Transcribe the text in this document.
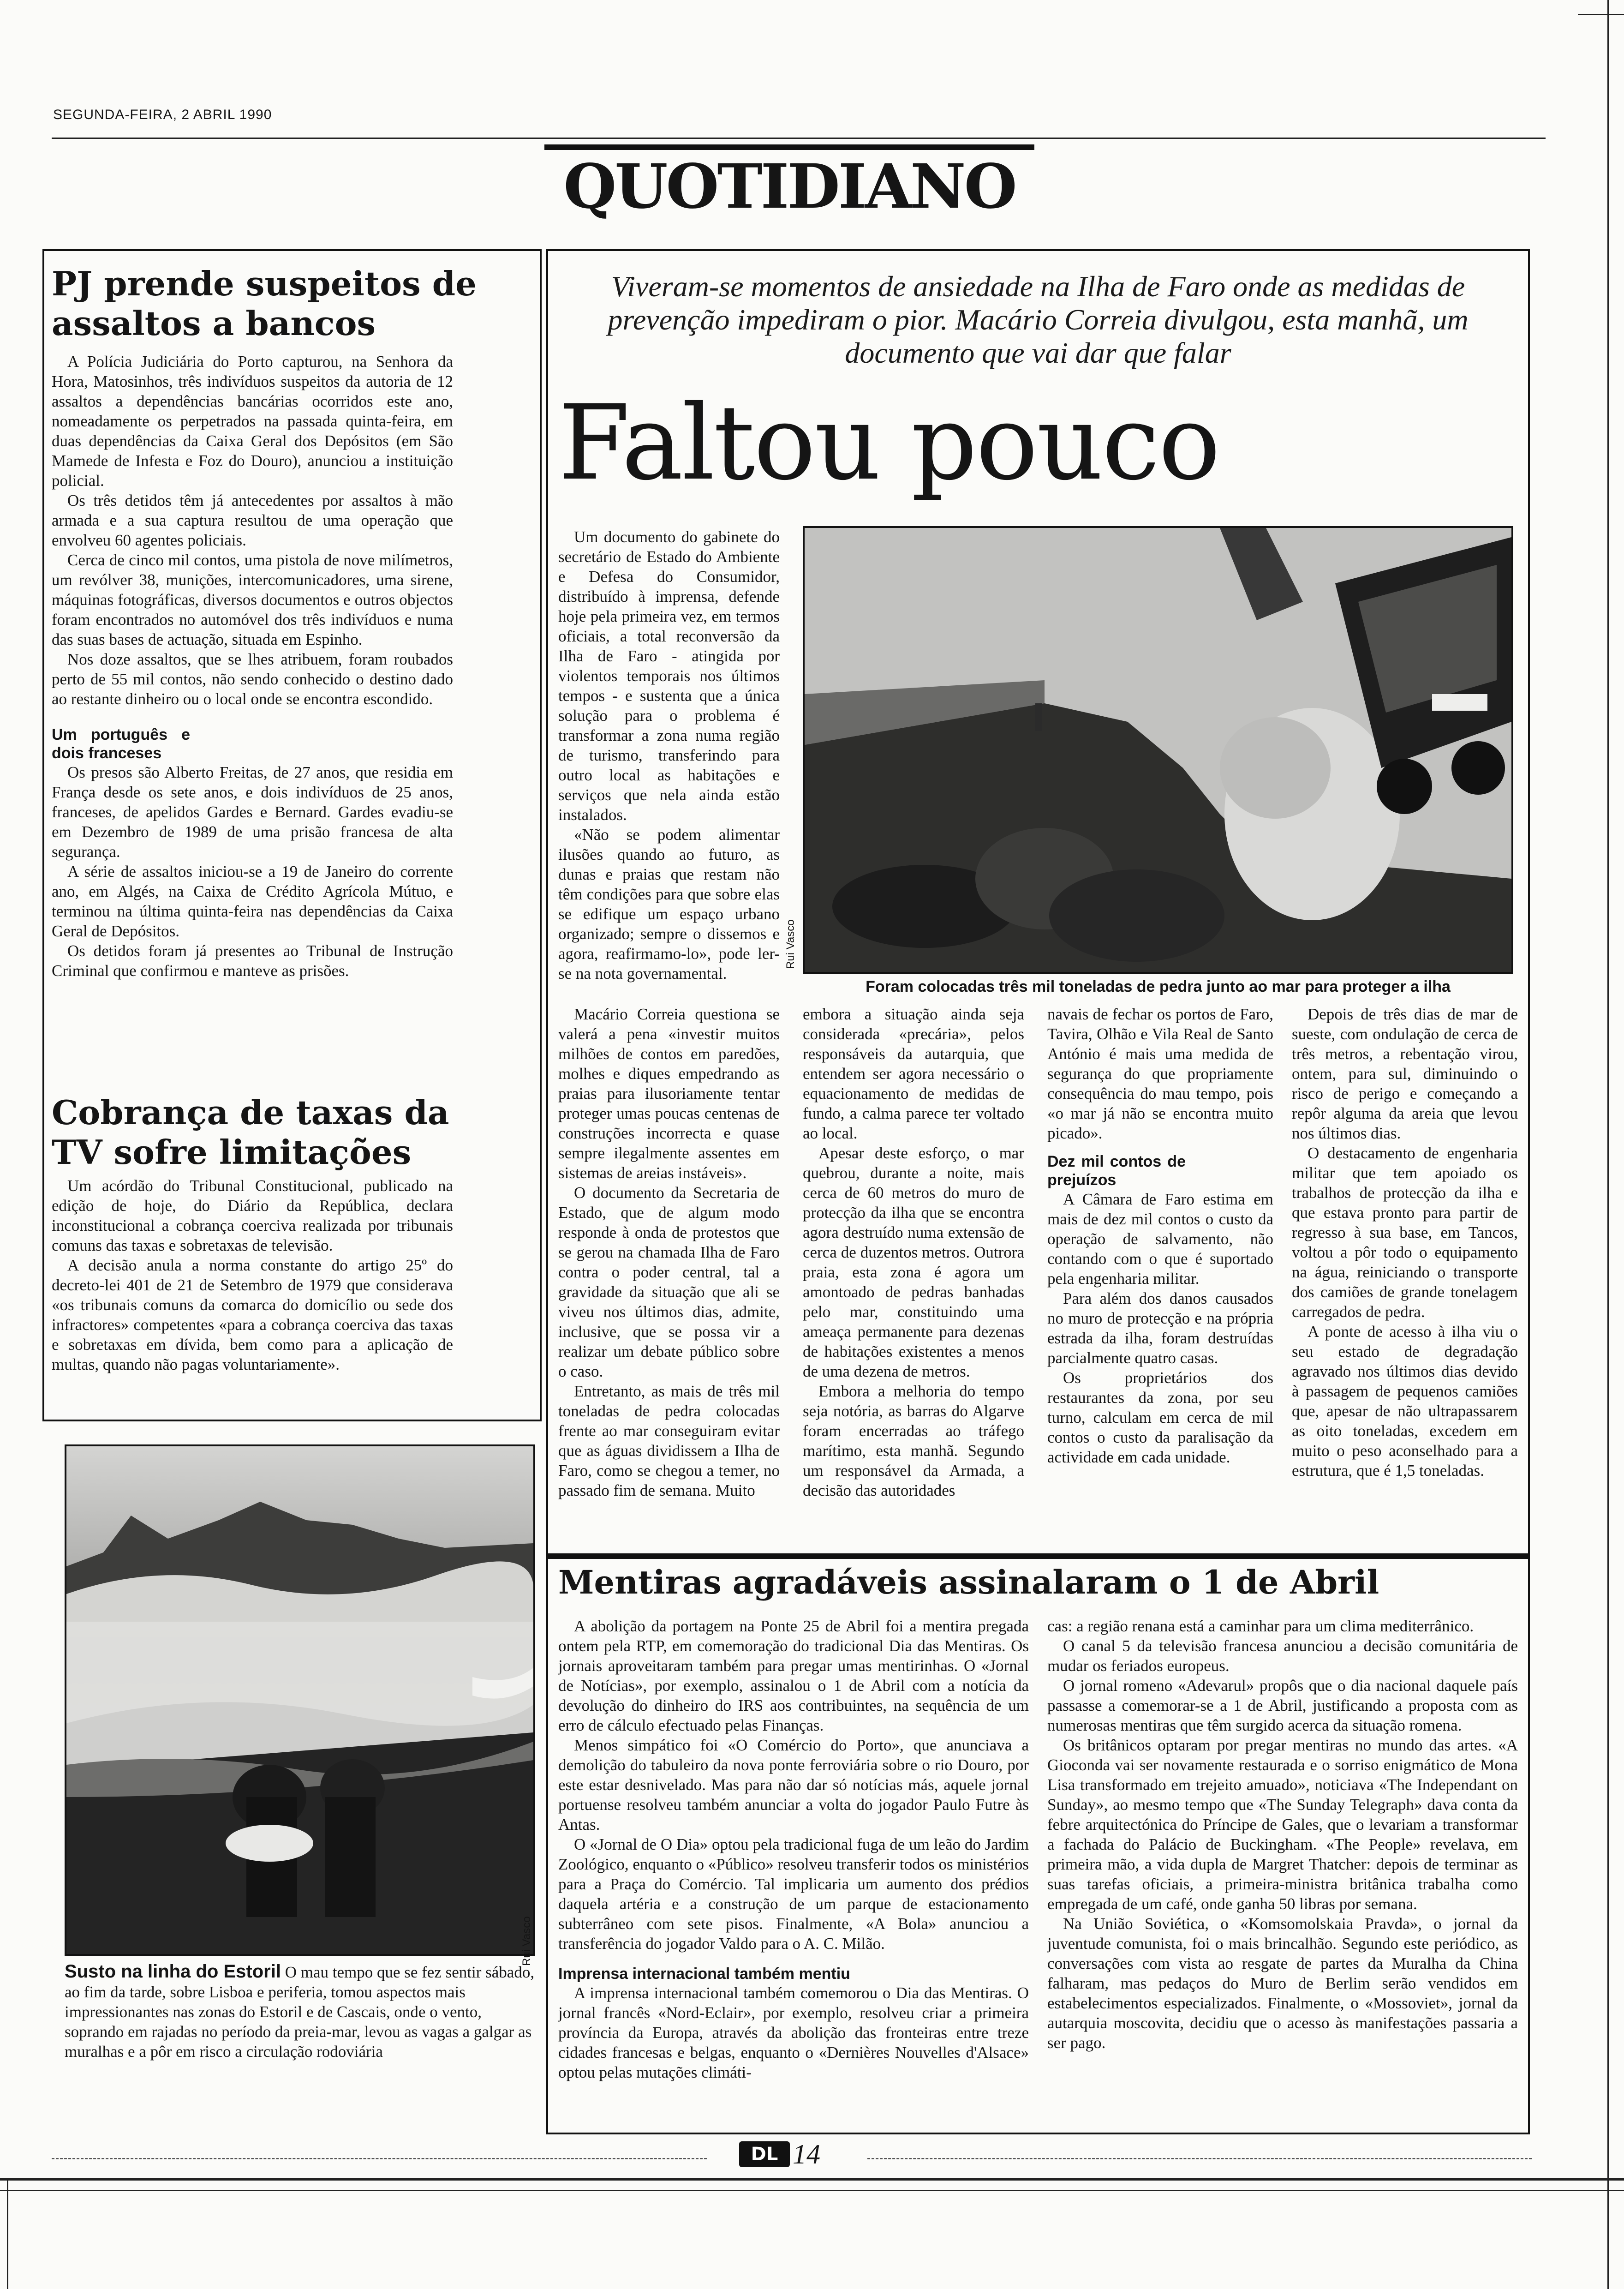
SEGUNDA-FEIRA, 2 ABRIL 1990
QUOTIDIANO
PJ prende suspeitos de assaltos a bancos

A Polícia Judiciária do Porto capturou, na Senhora da Hora, Matosinhos, três indivíduos suspeitos da autoria de 12 assaltos a dependências bancárias ocorridos este ano, nomeadamente os perpetrados na passada quinta-feira, em duas dependências da Caixa Geral dos Depósitos (em São Mamede de Infesta e Foz do Douro), anunciou a instituição policial.

Os três detidos têm já antecedentes por assaltos à mão armada e a sua captura resultou de uma operação que envolveu 60 agentes policiais.

Cerca de cinco mil contos, uma pistola de nove milímetros, um revólver 38, munições, intercomunicadores, uma sirene, máquinas fotográficas, diversos documentos e outros objectos foram encontrados no automóvel dos três indivíduos e numa das suas bases de actuação, situada em Espinho.

Nos doze assaltos, que se lhes atribuem, foram roubados perto de 55 mil contos, não sendo conhecido o destino dado ao restante dinheiro ou o local onde se encontra escondido.

Um português e dois franceses

Os presos são Alberto Freitas, de 27 anos, que residia em França desde os sete anos, e dois indivíduos de 25 anos, franceses, de apelidos Gardes e Bernard. Gardes evadiu-se em Dezembro de 1989 de uma prisão francesa de alta segurança.

A série de assaltos iniciou-se a 19 de Janeiro do corrente ano, em Algés, na Caixa de Crédito Agrícola Mútuo, e terminou na última quinta-feira nas dependências da Caixa Geral de Depósitos.

Os detidos foram já presentes ao Tribunal de Instrução Criminal que confirmou e manteve as prisões.

Cobrança de taxas da TV sofre limitações

Um acórdão do Tribunal Constitucional, publicado na edição de hoje, do Diário da República, declara inconstitucional a cobrança coerciva realizada por tribunais comuns das taxas e sobretaxas de televisão.

A decisão anula a norma constante do artigo 25º do decreto-lei 401 de 21 de Setembro de 1979 que considerava «os tribunais comuns da comarca do domicílio ou sede dos infractores» competentes «para a cobrança coerciva das taxas e sobretaxas em dívida, bem como para a aplicação de multas, quando não pagas voluntariamente».

Rui Vasco
Susto na linha do Estoril O mau tempo que se fez sentir sábado, ao fim da tarde, sobre Lisboa e periferia, tomou aspectos mais impressionantes nas zonas do Estoril e de Cascais, onde o vento, soprando em rajadas no período da preia-mar, levou as vagas a galgar as muralhas e a pôr em risco a circulação rodoviária
Viveram-se momentos de ansiedade na Ilha de Faro onde as medidas de prevenção impediram o pior. Macário Correia divulgou, esta manhã, um documento que vai dar que falar
Faltou pouco
Rui Vasco
Foram colocadas três mil toneladas de pedra junto ao mar para proteger a ilha

Um documento do gabinete do secretário de Estado do Ambiente e Defesa do Consumidor, distribuído à imprensa, defende hoje pela primeira vez, em termos oficiais, a total reconversão da Ilha de Faro - atingida por violentos temporais nos últimos tempos - e sustenta que a única solução para o problema é transformar a zona numa região de turismo, transferindo para outro local as habitações e serviços que nela ainda estão instalados.

«Não se podem alimentar ilusões quando ao futuro, as dunas e praias que restam não têm condições para que sobre elas se edifique um espaço urbano organizado; sempre o dissemos e agora, reafirmamo-lo», pode ler-se na nota governamental.

Macário Correia questiona se valerá a pena «investir muitos milhões de contos em paredões, molhes e diques empedrando as praias para ilusoriamente tentar proteger umas poucas centenas de construções incorrecta e quase sempre ilegalmente assentes em sistemas de areias instáveis».

O documento da Secretaria de Estado, que de algum modo responde à onda de protestos que se gerou na chamada Ilha de Faro contra o poder central, tal a gravidade da situação que ali se viveu nos últimos dias, admite, inclusive, que se possa vir a realizar um debate público sobre o caso.

Entretanto, as mais de três mil toneladas de pedra colocadas frente ao mar conseguiram evitar que as águas dividissem a Ilha de Faro, como se chegou a temer, no passado fim de semana. Muito

embora a situação ainda seja considerada «precária», pelos responsáveis da autarquia, que entendem ser agora necessário o equacionamento de medidas de fundo, a calma parece ter voltado ao local.

Apesar deste esforço, o mar quebrou, durante a noite, mais cerca de 60 metros do muro de protecção da ilha que se encontra agora destruído numa extensão de cerca de duzentos metros. Outrora praia, esta zona é agora um amontoado de pedras banhadas pelo mar, constituindo uma ameaça permanente para dezenas de habitações existentes a menos de uma dezena de metros.

Embora a melhoria do tempo seja notória, as barras do Algarve foram encerradas ao tráfego marítimo, esta manhã. Segundo um responsável da Armada, a decisão das autoridades

navais de fechar os portos de Faro, Tavira, Olhão e Vila Real de Santo António é mais uma medida de segurança do que propriamente consequência do mau tempo, pois «o mar já não se encontra muito picado».

Dez mil contos de prejuízos

A Câmara de Faro estima em mais de dez mil contos o custo da operação de salvamento, não contando com o que é suportado pela engenharia militar.

Para além dos danos causados no muro de protecção e na própria estrada da ilha, foram destruídas parcialmente quatro casas.

Os proprietários dos restaurantes da zona, por seu turno, calculam em cerca de mil contos o custo da paralisação da actividade em cada unidade.

Depois de três dias de mar de sueste, com ondulação de cerca de três metros, a rebentação virou, ontem, para sul, diminuindo o risco de perigo e começando a repôr alguma da areia que levou nos últimos dias.

O destacamento de engenharia militar que tem apoiado os trabalhos de protecção da ilha e que estava pronto para partir de regresso à sua base, em Tancos, voltou a pôr todo o equipamento na água, reiniciando o transporte dos camiões de grande tonelagem carregados de pedra.

A ponte de acesso à ilha viu o seu estado de degradação agravado nos últimos dias devido à passagem de pequenos camiões que, apesar de não ultrapassarem as oito toneladas, excedem em muito o peso aconselhado para a estrutura, que é 1,5 toneladas.

Mentiras agradáveis assinalaram o 1 de Abril

A abolição da portagem na Ponte 25 de Abril foi a mentira pregada ontem pela RTP, em comemoração do tradicional Dia das Mentiras. Os jornais aproveitaram também para pregar umas mentirinhas. O «Jornal de Notícias», por exemplo, assinalou o 1 de Abril com a notícia da devolução do dinheiro do IRS aos contribuintes, na sequência de um erro de cálculo efectuado pelas Finanças.

Menos simpático foi «O Comércio do Porto», que anunciava a demolição do tabuleiro da nova ponte ferroviária sobre o rio Douro, por este estar desnivelado. Mas para não dar só notícias más, aquele jornal portuense resolveu também anunciar a volta do jogador Paulo Futre às Antas.

O «Jornal de O Dia» optou pela tradicional fuga de um leão do Jardim Zoológico, enquanto o «Público» resolveu transferir todos os ministérios para a Praça do Comércio. Tal implicaria um aumento dos prédios daquela artéria e a construção de um parque de estacionamento subterrâneo com sete pisos. Finalmente, «A Bola» anunciou a transferência do jogador Valdo para o A. C. Milão.

Imprensa internacional também mentiu

A imprensa internacional também comemorou o Dia das Mentiras. O jornal francês «Nord-Eclair», por exemplo, resolveu criar a primeira província da Europa, através da abolição das fronteiras entre treze cidades francesas e belgas, enquanto o «Dernières Nouvelles d'Alsace» optou pelas mutações climáti-

cas: a região renana está a caminhar para um clima mediterrânico.

O canal 5 da televisão francesa anunciou a decisão comunitária de mudar os feriados europeus.

O jornal romeno «Adevarul» propôs que o dia nacional daquele país passasse a comemorar-se a 1 de Abril, justificando a proposta com as numerosas mentiras que têm surgido acerca da situação romena.

Os britânicos optaram por pregar mentiras no mundo das artes. «A Gioconda vai ser novamente restaurada e o sorriso enigmático de Mona Lisa transformado em trejeito amuado», noticiava «The Independant on Sunday», ao mesmo tempo que «The Sunday Telegraph» dava conta da febre arquitectónica do Príncipe de Gales, que o levariam a transformar a fachada do Palácio de Buckingham. «The People» revelava, em primeira mão, a vida dupla de Margret Thatcher: depois de terminar as suas tarefas oficiais, a primeira-ministra britânica trabalha como empregada de um café, onde ganha 50 libras por semana.

Na União Soviética, o «Komsomolskaia Pravda», o jornal da juventude comunista, foi o mais brincalhão. Segundo este periódico, as conversações com vista ao resgate de partes da Muralha da China falharam, mas pedaços do Muro de Berlim serão vendidos em estabelecimentos especializados. Finalmente, o «Mossoviet», jornal da autarquia moscovita, decidiu que o acesso às manifestações passaria a ser pago.

DL 14
